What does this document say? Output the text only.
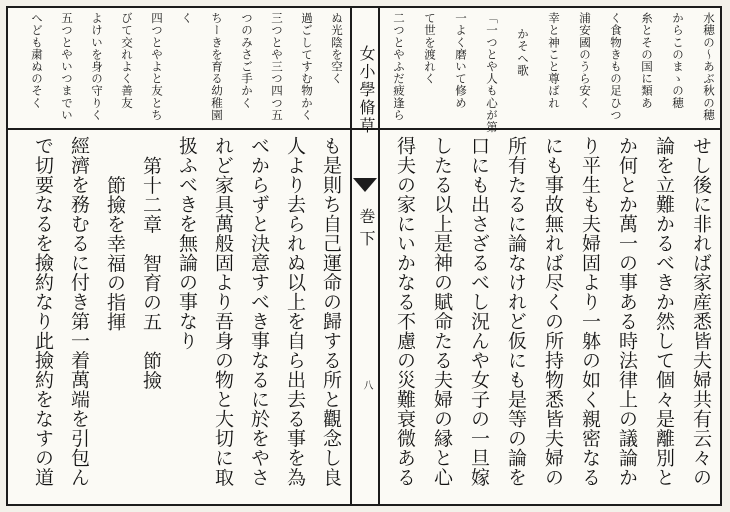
女小學脩草
巻下
八
水穂の〜あぶ秋の穂
からこのまゝの穂
糸とその国に類あ
く食物きもの足ひつ
浦安國のうら安く
幸と神こと尊ばれ
かそへ歌
「一つとや人も心が第
一よく磨いて修め
て世を渡れく
二つとやふだ疲逢ら
ぬ光陰を空く
過ごしてすむ物かく
三つとや三つ四つ五
つのみさご手かく
ちーきを育る幼稚園
く
四つとやよと友とち
びて交れよく善友
よけいを身の守りく
五つとやいつまでい
へども粛ぬのそく
せし後に非れば家産悉皆夫婦共有云々の
論を立難かるべきか然して個々是離別と
か何とか萬一の事ある時法律上の議論か
り平生も夫婦固より一躰の如く親密なる
にも事故無れば尽くの所持物悉皆夫婦の
所有たるに論なけれど仮にも是等の論を
口にも出さざるべし況んや女子の一旦嫁
したる以上是神の賦命たる夫婦の縁と心
得夫の家にいかなる不慮の災難衰微ある
も是則ち自己運命の歸する所と觀念し良
人より去られぬ以上を自ら出去る事を為
べからずと決意すべき事なるに於をやさ
れど家具萬般固より吾身の物と大切に取
扱ふべきを無論の事なり
第十二章　智育の五　節撿
　節撿を幸福の指揮
經濟を務むるに付き第一着萬端を引包ん
で切要なるを撿約なり此撿約をなすの道
